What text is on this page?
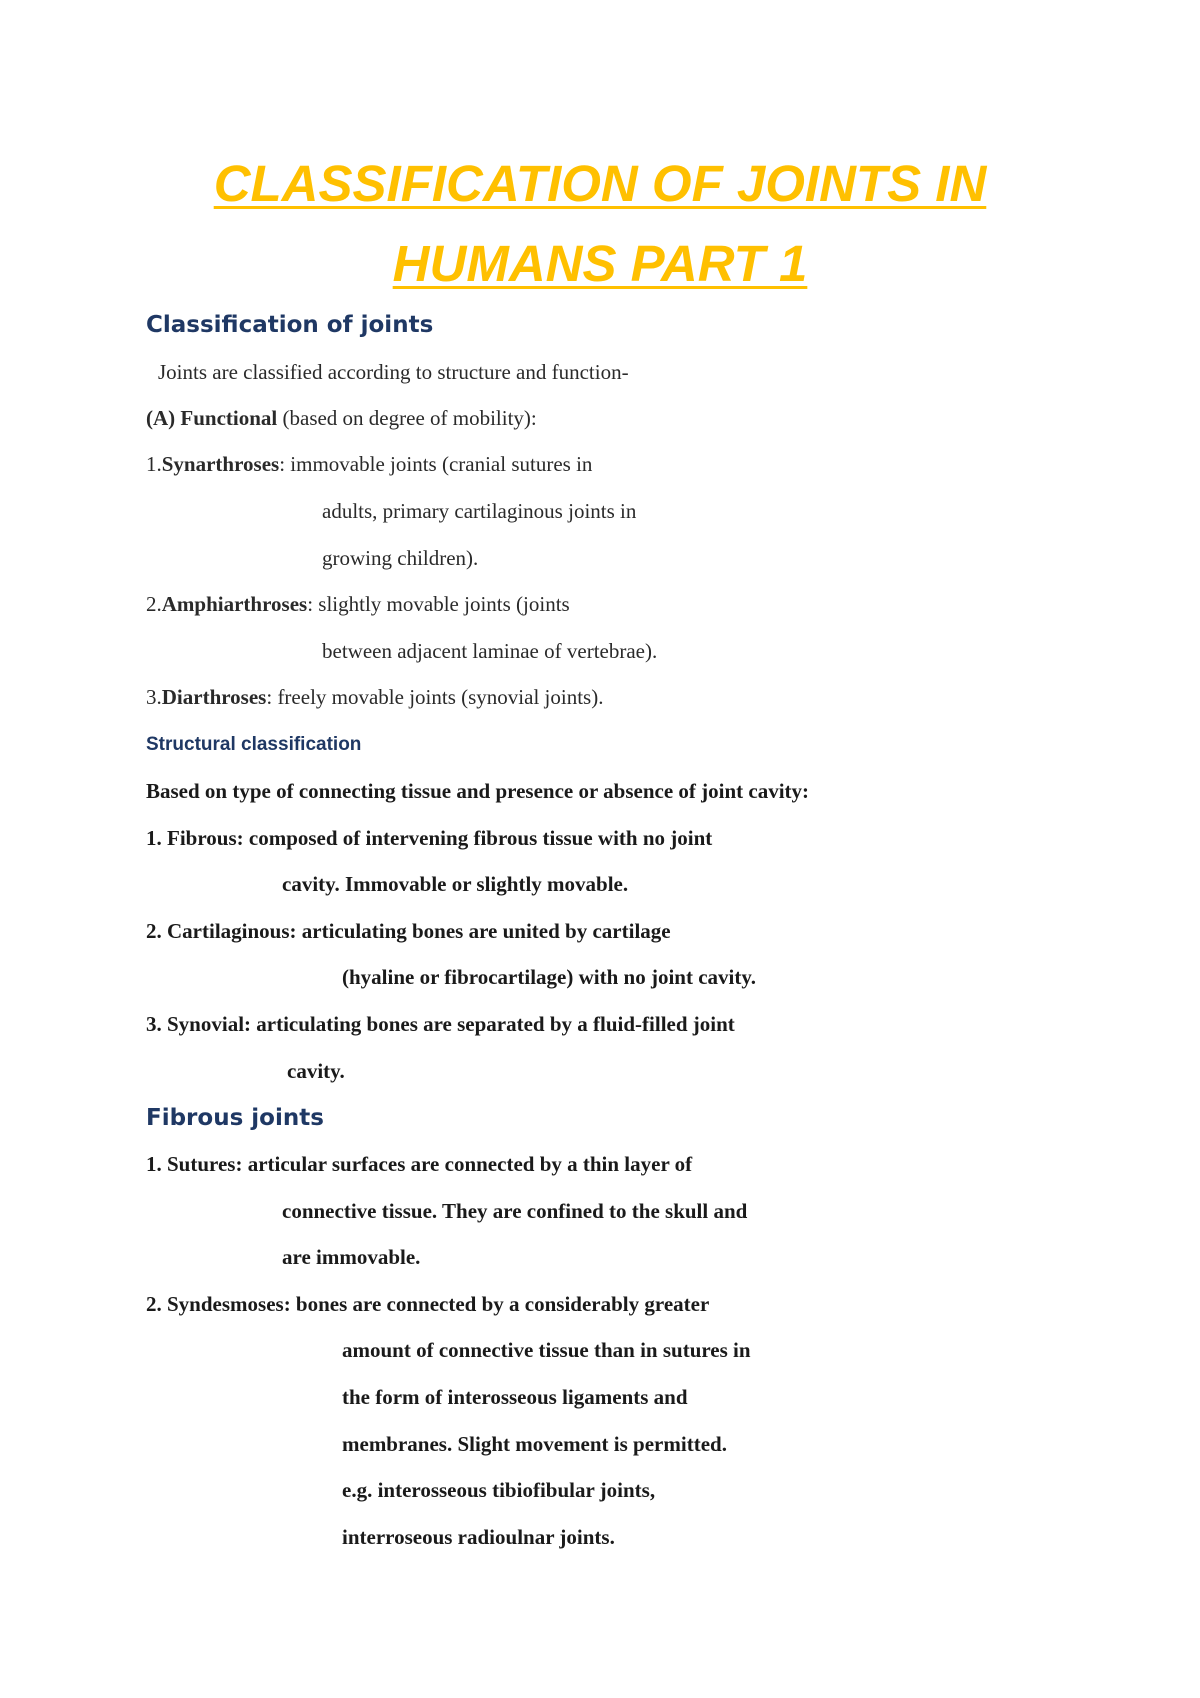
CLASSIFICATION OF JOINTS IN
HUMANS PART 1
Classification of joints
Joints are classified according to structure and function-
(A) Functional (based on degree of mobility):
1.Synarthroses: immovable joints (cranial sutures in
adults, primary cartilaginous joints in
growing children).
2.Amphiarthroses: slightly movable joints (joints
between adjacent laminae of vertebrae).
3.Diarthroses: freely movable joints (synovial joints).
Structural classification
Based on type of connecting tissue and presence or absence of joint cavity:
1. Fibrous: composed of intervening fibrous tissue with no joint
cavity. Immovable or slightly movable.
2. Cartilaginous: articulating bones are united by cartilage
(hyaline or fibrocartilage) with no joint cavity.
3. Synovial: articulating bones are separated by a fluid-filled joint
cavity.
Fibrous joints
1. Sutures: articular surfaces are connected by a thin layer of
connective tissue. They are confined to the skull and
are immovable.
2. Syndesmoses: bones are connected by a considerably greater
amount of connective tissue than in sutures in
the form of interosseous ligaments and
membranes. Slight movement is permitted.
e.g. interosseous tibiofibular joints,
interroseous radioulnar joints.
